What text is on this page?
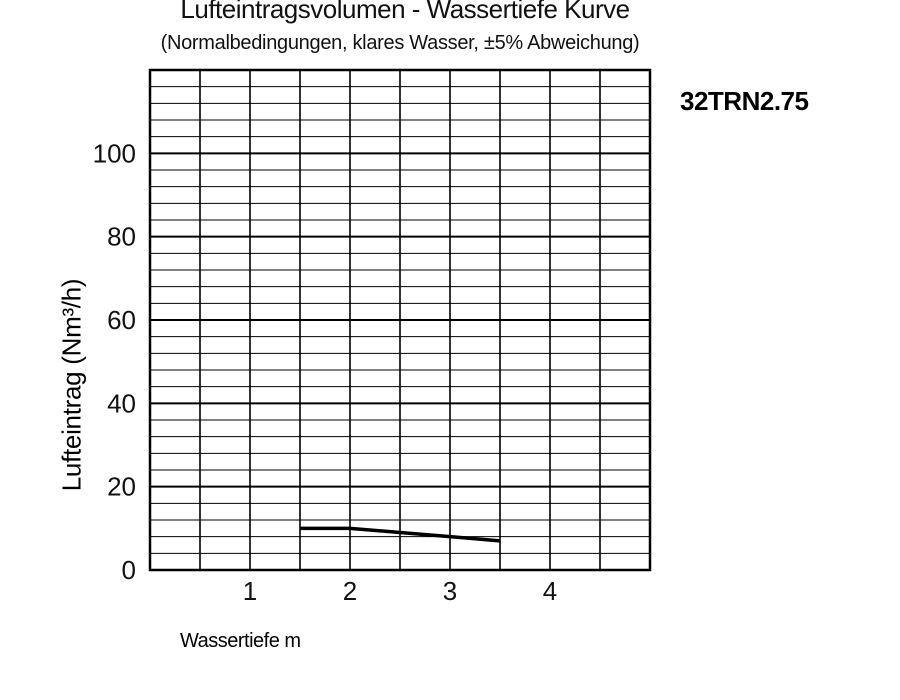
Lufteintragsvolumen - Wassertiefe Kurve
(Normalbedingungen, klares Wasser, ±5% Abweichung)
32TRN2.75
Lufteintrag (Nm³/h)
Wassertiefe m
0
20
40
60
80
100
1	2	3	4
